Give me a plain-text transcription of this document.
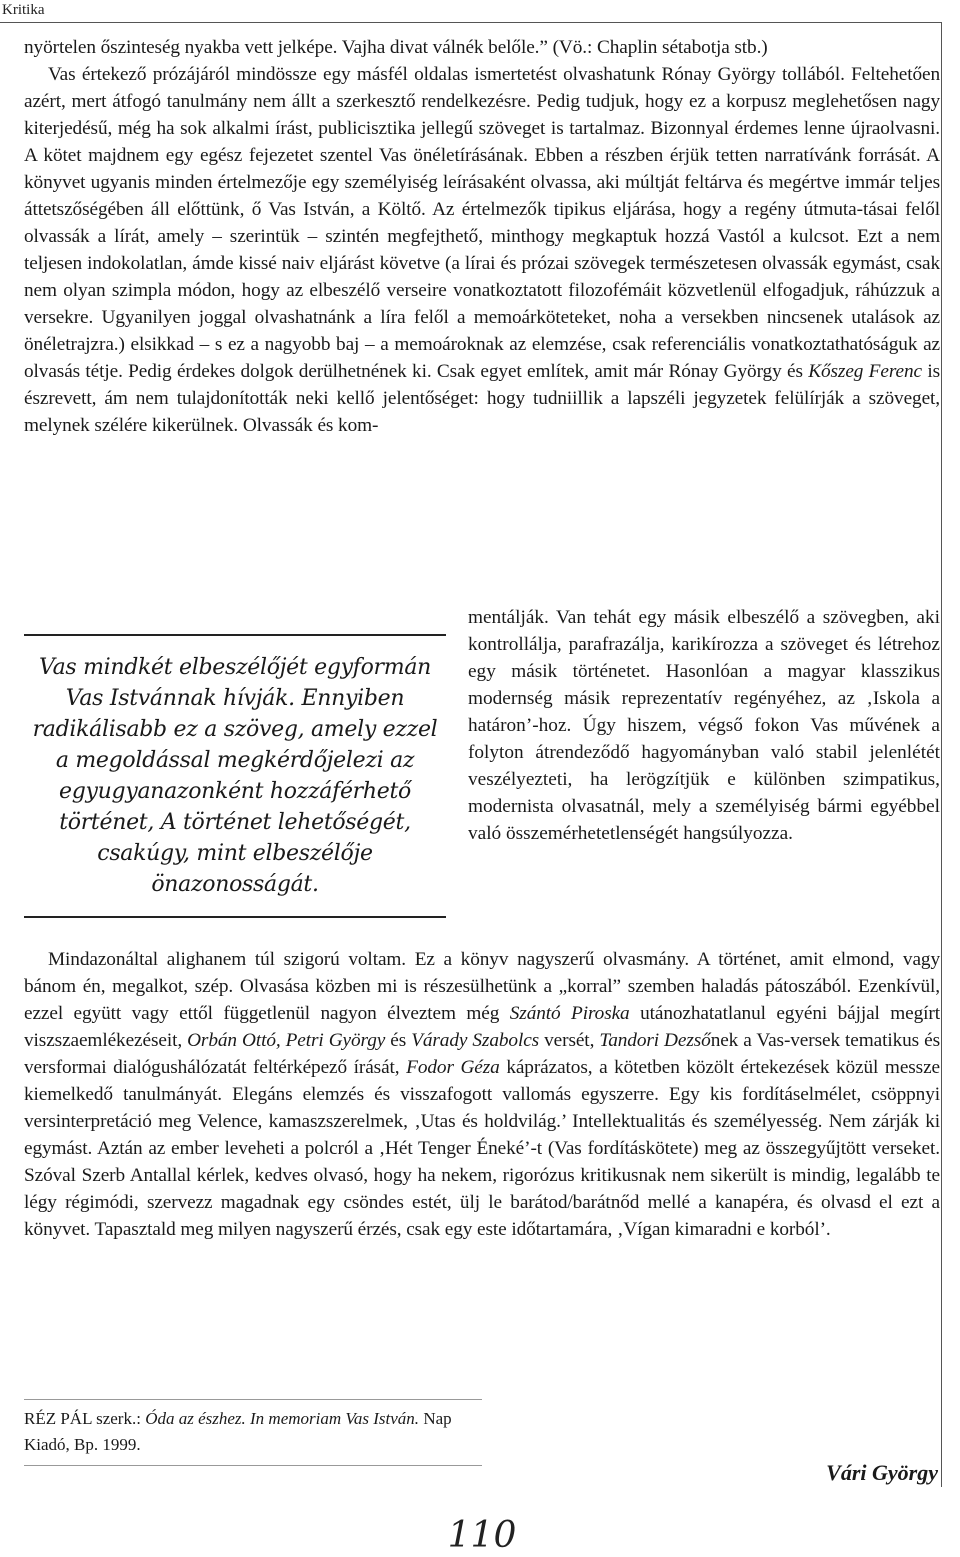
Kritika

nyörtelen őszinteség nyakba vett jelképe. Vajha divat válnék belőle.” (Vö.: Chaplin sétabotja stb.)

Vas értekező prózájáról mindössze egy másfél oldalas ismertetést olvashatunk Rónay György tollából. Feltehetően azért, mert átfogó tanulmány nem állt a szerkesztő rendelkezésre. Pedig tudjuk, hogy ez a korpusz meglehetősen nagy kiterjedésű, még ha sok alkalmi írást, publicisztika jellegű szöveget is tartalmaz. Bizonnyal érdemes lenne újraolvasni. A kötet majdnem egy egész fejezetet szentel Vas önéletírásának. Ebben a részben érjük tetten narratívánk forrását. A könyvet ugyanis minden értelmezője egy személyiség leírásaként olvassa, aki múltját feltárva és megértve immár teljes áttetszőségében áll előttünk, ő Vas István, a Költő. Az értelmezők tipikus eljárása, hogy a regény útmuta-tásai felől olvassák a lírát, amely – szerintük – szintén megfejthető, minthogy megkaptuk hozzá Vastól a kulcsot. Ezt a nem teljesen indokolatlan, ámde kissé naiv eljárást követve (a lírai és prózai szövegek természetesen olvassák egymást, csak nem olyan szimpla módon, hogy az elbeszélő verseire vonatkoztatott filozofémáit közvetlenül elfogadjuk, ráhúzzuk a versekre. Ugyanilyen joggal olvashatnánk a líra felől a memoárköteteket, noha a versekben nincsenek utalások az önéletrajzra.) elsikkad – s ez a nagyobb baj – a memoároknak az elemzése, csak referenciális vonatkoztathatóságuk az olvasás tétje. Pedig érdekes dolgok derülhetnének ki. Csak egyet említek, amit már Rónay György és Kőszeg Ferenc is észrevett, ám nem tulajdonították neki kellő jelentőséget: hogy tudniillik a lapszéli jegyzetek felülírják a szöveget, melynek szélére kikerülnek. Olvassák és kom-

mentálják. Van tehát egy másik elbeszélő a szövegben, aki kontrollálja, parafrazálja, karikírozza a szöveget és létrehoz egy másik történetet. Hasonlóan a magyar klasszikus modernség másik reprezentatív regényéhez, az ‚Iskola a határon’-hoz. Úgy hiszem, végső fokon Vas művének a folyton átrendeződő hagyományban való stabil jelenlétét veszélyezteti, ha lerögzítjük e különben szimpatikus, modernista olvasatnál, mely a személyiség bármi egyébbel való összemérhetetlenségét hangsúlyozza.
Vas mindkét elbeszélőjét egyformán Vas Istvánnak hívják. Ennyiben radikálisabb ez a szöveg, amely ezzel a megoldással megkérdőjelezi az egyugyanazonként hozzáférhető történet, A történet lehetőségét, csakúgy, mint elbeszélője önazonosságát.

Mindazonáltal alighanem túl szigorú voltam. Ez a könyv nagyszerű olvasmány. A történet, amit elmond, vagy bánom én, megalkot, szép. Olvasása közben mi is részesülhetünk a „korral” szemben haladás pátoszából. Ezenkívül, ezzel együtt vagy ettől függetlenül nagyon élveztem még Szántó Piroska utánozhatatlanul egyéni bájjal megírt viszszaemlékezéseit, Orbán Ottó, Petri György és Várady Szabolcs versét, Tandori Dezsőnek a Vas-versek tematikus és versformai dialógushálózatát feltérképező írását, Fodor Géza káprázatos, a kötetben közölt értekezések közül messze kiemelkedő tanulmányát. Elegáns elemzés és visszafogott vallomás egyszerre. Egy kis fordításelmélet, csöppnyi versinterpretáció meg Velence, kamaszszerelmek, ‚Utas és holdvilág.’ Intellektualitás és személyesség. Nem zárják ki egymást. Aztán az ember leveheti a polcról a ‚Hét Tenger Éneké’-t (Vas fordításkötete) meg az összegyűjtött verseket. Szóval Szerb Antallal kérlek, kedves olvasó, hogy ha nekem, rigorózus kritikusnak nem sikerült is mindig, legalább te légy régimódi, szervezz magadnak egy csöndes estét, ülj le barátod/barátnőd mellé a kanapéra, és olvasd el ezt a könyvet. Tapasztald meg milyen nagyszerű érzés, csak egy este időtartamára, ‚Vígan kimaradni e korból’.

RÉZ PÁL szerk.: Óda az észhez. In memoriam Vas István. Nap Kiadó, Bp. 1999.
Vári György
110
